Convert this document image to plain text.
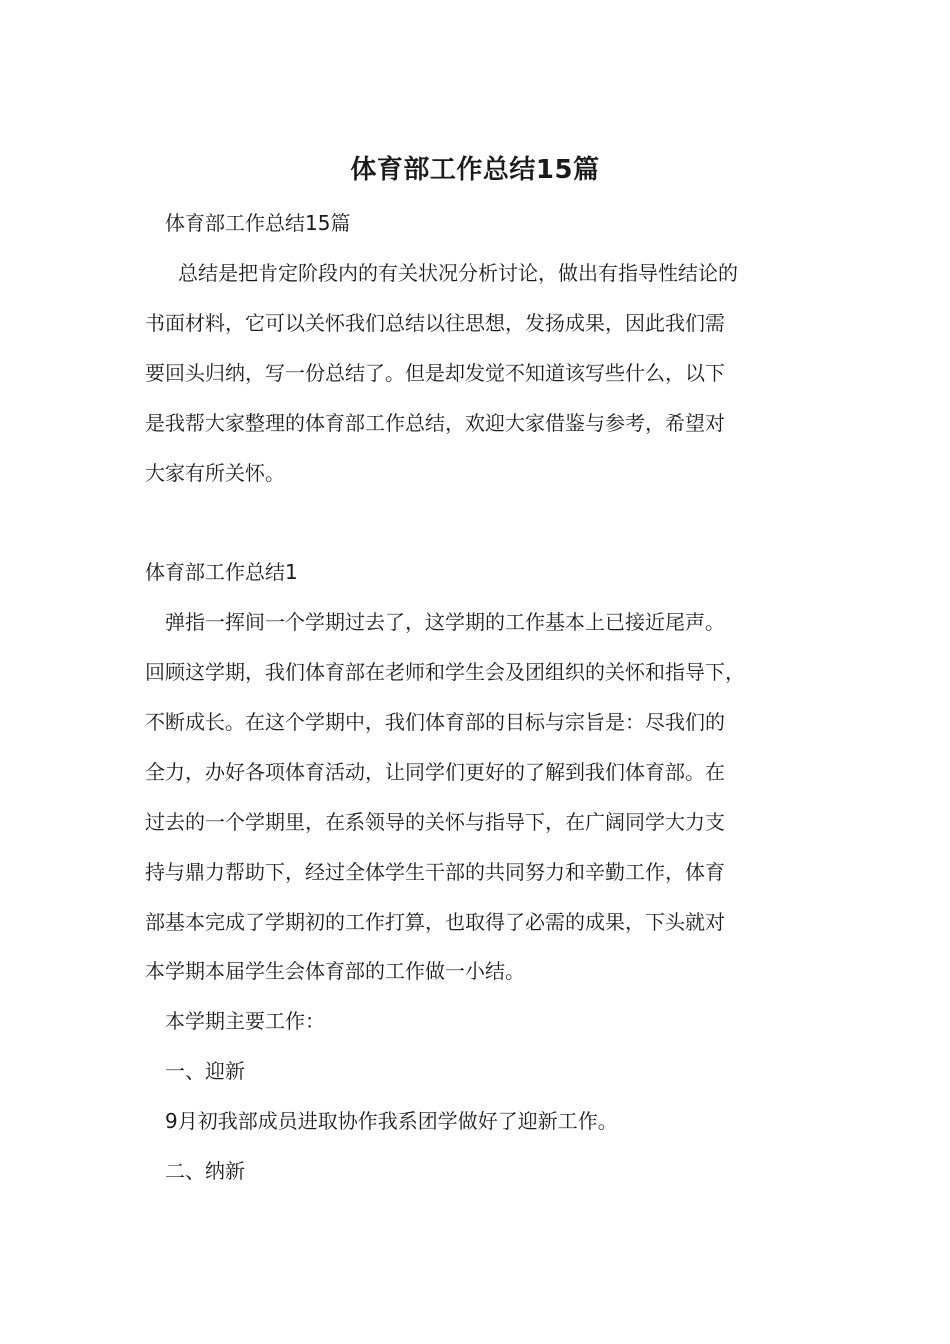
体育部工作总结15篇
体育部工作总结15篇
总结是把肯定阶段内的有关状况分析讨论，做出有指导性结论的
书面材料，它可以关怀我们总结以往思想，发扬成果，因此我们需
要回头归纳，写一份总结了。但是却发觉不知道该写些什么，以下
是我帮大家整理的体育部工作总结，欢迎大家借鉴与参考，希望对
大家有所关怀。
体育部工作总结1
弹指一挥间一个学期过去了，这学期的工作基本上已接近尾声。
回顾这学期，我们体育部在老师和学生会及团组织的关怀和指导下，
不断成长。在这个学期中，我们体育部的目标与宗旨是：尽我们的
全力，办好各项体育活动，让同学们更好的了解到我们体育部。在
过去的一个学期里，在系领导的关怀与指导下，在广阔同学大力支
持与鼎力帮助下，经过全体学生干部的共同努力和辛勤工作，体育
部基本完成了学期初的工作打算，也取得了必需的成果，下头就对
本学期本届学生会体育部的工作做一小结。
本学期主要工作：
一、迎新
9月初我部成员进取协作我系团学做好了迎新工作。
二、纳新
